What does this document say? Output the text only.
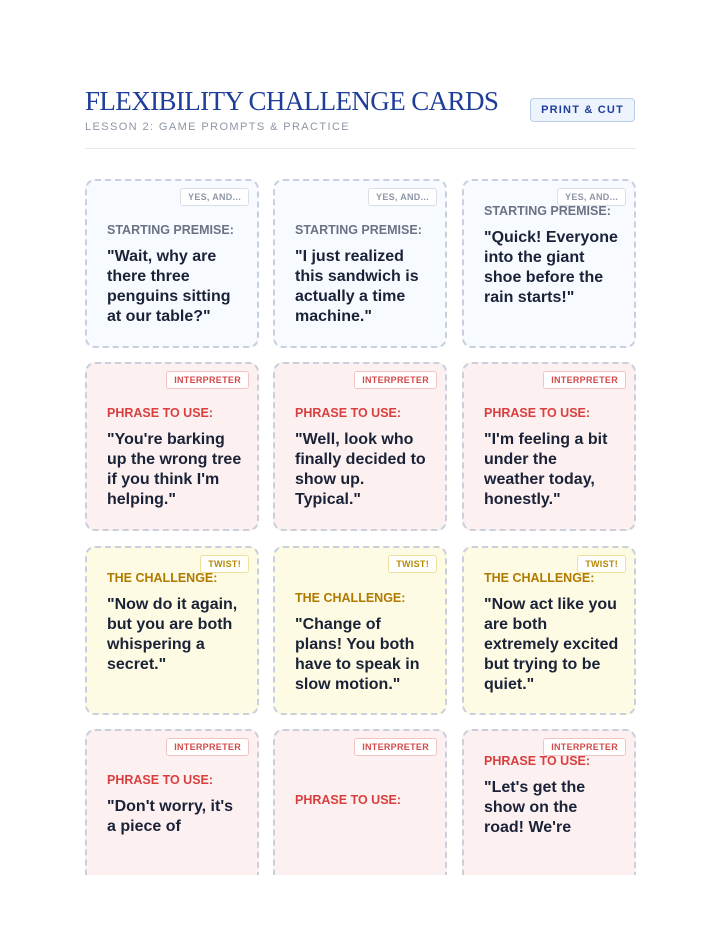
FLEXIBILITY CHALLENGE CARDS
LESSON 2: GAME PROMPTS & PRACTICE
PRINT & CUT
YES, AND...
STARTING PREMISE:
"Wait, why are there three penguins sitting at our table?"
YES, AND...
STARTING PREMISE:
"I just realized this sandwich is actually a time machine."
YES, AND...
STARTING PREMISE:
"Quick! Everyone into the giant shoe before the rain starts!"
INTERPRETER
PHRASE TO USE:
"You're barking up the wrong tree if you think I'm helping."
INTERPRETER
PHRASE TO USE:
"Well, look who finally decided to show up. Typical."
INTERPRETER
PHRASE TO USE:
"I'm feeling a bit under the weather today, honestly."
TWIST!
THE CHALLENGE:
"Now do it again, but you are both whispering a secret."
TWIST!
THE CHALLENGE:
"Change of plans! You both have to speak in slow motion."
TWIST!
THE CHALLENGE:
"Now act like you are both extremely excited but trying to be quiet."
INTERPRETER
PHRASE TO USE:
"Don't worry, it's a piece of
INTERPRETER
PHRASE TO USE:
INTERPRETER
PHRASE TO USE:
"Let's get the show on the road! We're
